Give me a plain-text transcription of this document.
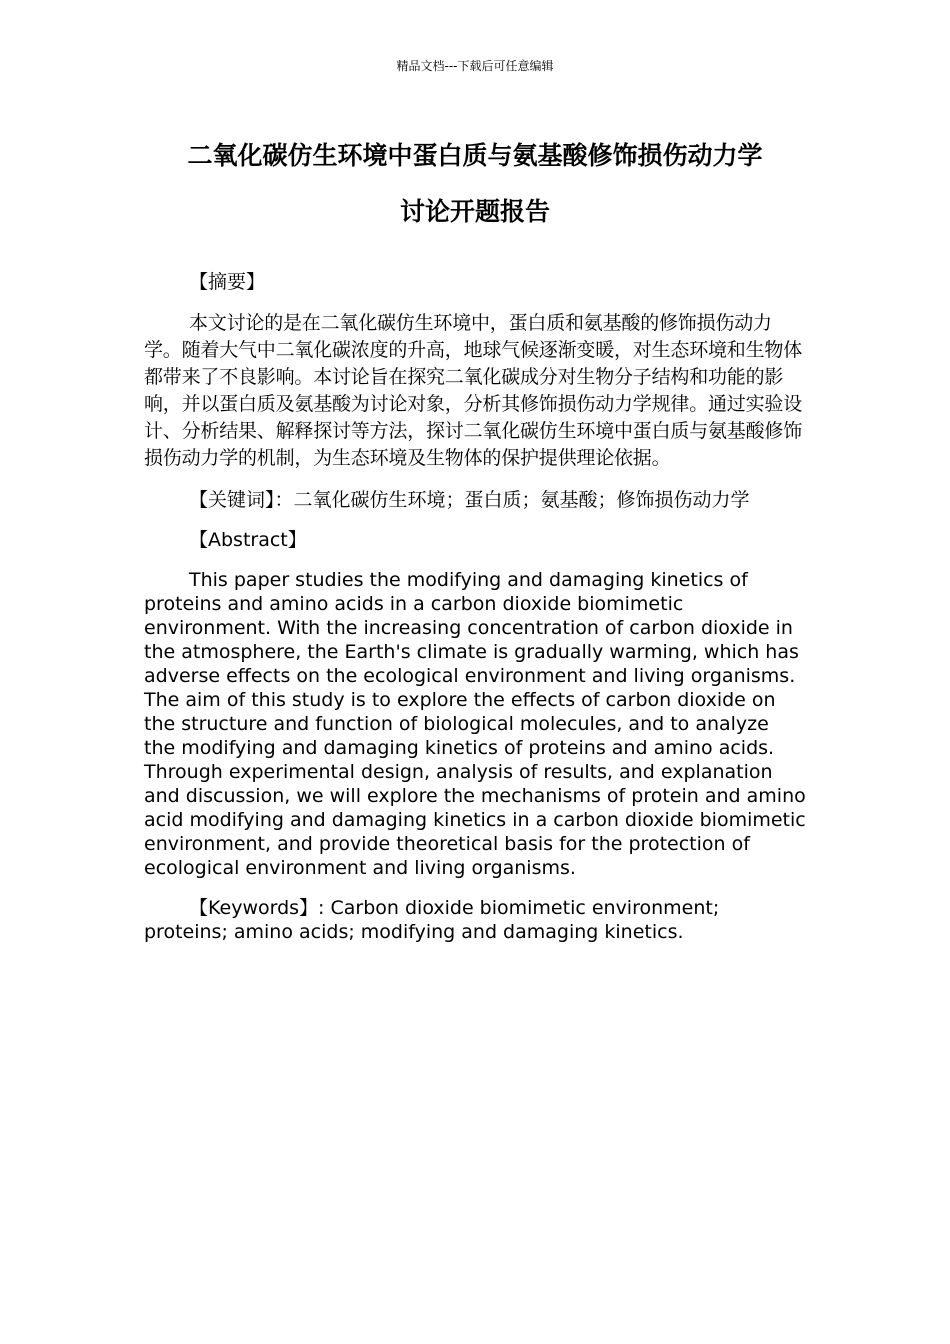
精品文档---下载后可任意编辑
二氧化碳仿生环境中蛋白质与氨基酸修饰损伤动力学
讨论开题报告

【摘要】

本文讨论的是在二氧化碳仿生环境中，蛋白质和氨基酸的修饰损伤动力学。随着大气中二氧化碳浓度的升高，地球气候逐渐变暖，对生态环境和生物体都带来了不良影响。本讨论旨在探究二氧化碳成分对生物分子结构和功能的影响，并以蛋白质及氨基酸为讨论对象，分析其修饰损伤动力学规律。通过实验设计、分析结果、解释探讨等方法，探讨二氧化碳仿生环境中蛋白质与氨基酸修饰损伤动力学的机制，为生态环境及生物体的保护提供理论依据。

【关键词】：二氧化碳仿生环境；蛋白质；氨基酸；修饰损伤动力学

【Abstract】

This paper studies the modifying and damaging kinetics of proteins and amino acids in a carbon dioxide biomimetic environment. With the increasing concentration of carbon dioxide in the atmosphere, the Earth's climate is gradually warming, which has adverse effects on the ecological environment and living organisms. The aim of this study is to explore the effects of carbon dioxide on the structure and function of biological molecules, and to analyze the modifying and damaging kinetics of proteins and amino acids. Through experimental design, analysis of results, and explanation and discussion, we will explore the mechanisms of protein and amino acid modifying and damaging kinetics in a carbon dioxide biomimetic environment, and provide theoretical basis for the protection of ecological environment and living organisms.

【Keywords】: Carbon dioxide biomimetic environment; proteins; amino acids; modifying and damaging kinetics.
